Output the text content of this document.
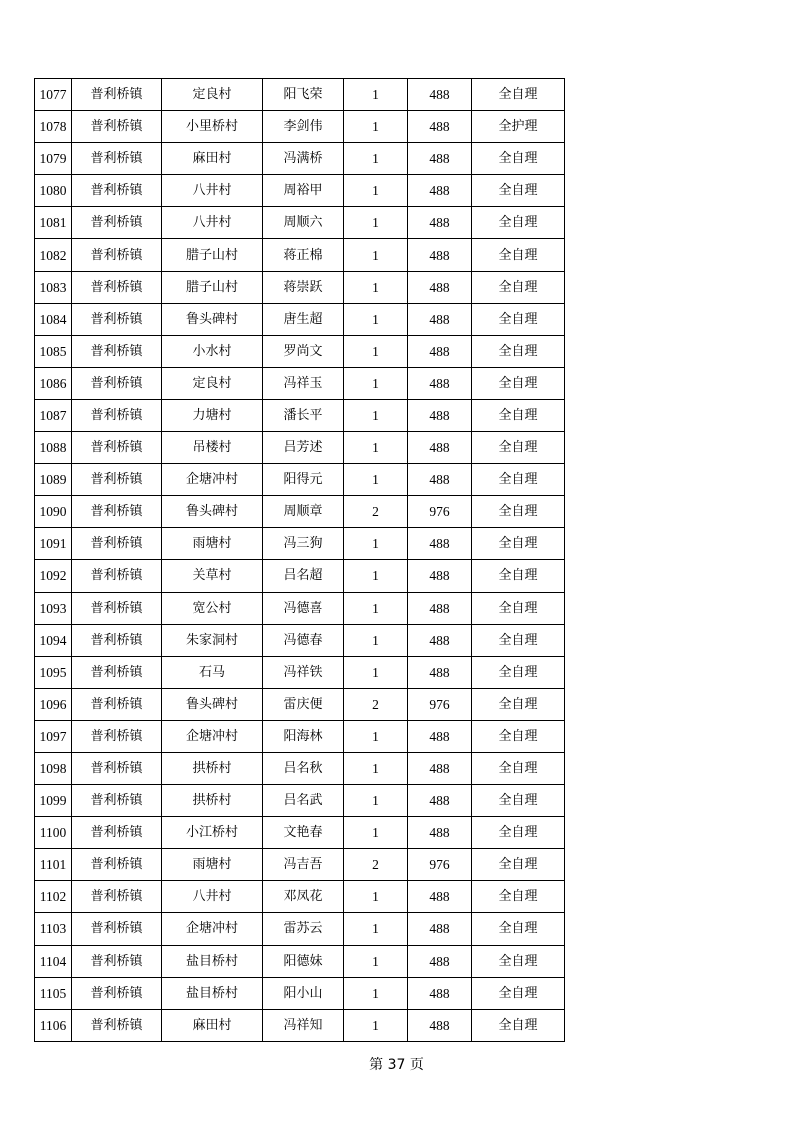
1077	普利桥镇	定良村	阳飞荣	1	488	全自理
1078	普利桥镇	小里桥村	李剑伟	1	488	全护理
1079	普利桥镇	麻田村	冯满桥	1	488	全自理
1080	普利桥镇	八井村	周裕甲	1	488	全自理
1081	普利桥镇	八井村	周顺六	1	488	全自理
1082	普利桥镇	腊子山村	蒋正棉	1	488	全自理
1083	普利桥镇	腊子山村	蒋崇跃	1	488	全自理
1084	普利桥镇	鲁头碑村	唐生超	1	488	全自理
1085	普利桥镇	小水村	罗尚文	1	488	全自理
1086	普利桥镇	定良村	冯祥玉	1	488	全自理
1087	普利桥镇	力塘村	潘长平	1	488	全自理
1088	普利桥镇	吊楼村	吕芳述	1	488	全自理
1089	普利桥镇	企塘冲村	阳得元	1	488	全自理
1090	普利桥镇	鲁头碑村	周顺章	2	976	全自理
1091	普利桥镇	雨塘村	冯三狗	1	488	全自理
1092	普利桥镇	关草村	吕名超	1	488	全自理
1093	普利桥镇	宽公村	冯德喜	1	488	全自理
1094	普利桥镇	朱家洞村	冯德春	1	488	全自理
1095	普利桥镇	石马	冯祥铁	1	488	全自理
1096	普利桥镇	鲁头碑村	雷庆便	2	976	全自理
1097	普利桥镇	企塘冲村	阳海林	1	488	全自理
1098	普利桥镇	拱桥村	吕名秋	1	488	全自理
1099	普利桥镇	拱桥村	吕名武	1	488	全自理
1100	普利桥镇	小江桥村	文艳春	1	488	全自理
1101	普利桥镇	雨塘村	冯吉吾	2	976	全自理
1102	普利桥镇	八井村	邓凤花	1	488	全自理
1103	普利桥镇	企塘冲村	雷苏云	1	488	全自理
1104	普利桥镇	盐目桥村	阳德妹	1	488	全自理
1105	普利桥镇	盐目桥村	阳小山	1	488	全自理
1106	普利桥镇	麻田村	冯祥知	1	488	全自理
第 37 页
